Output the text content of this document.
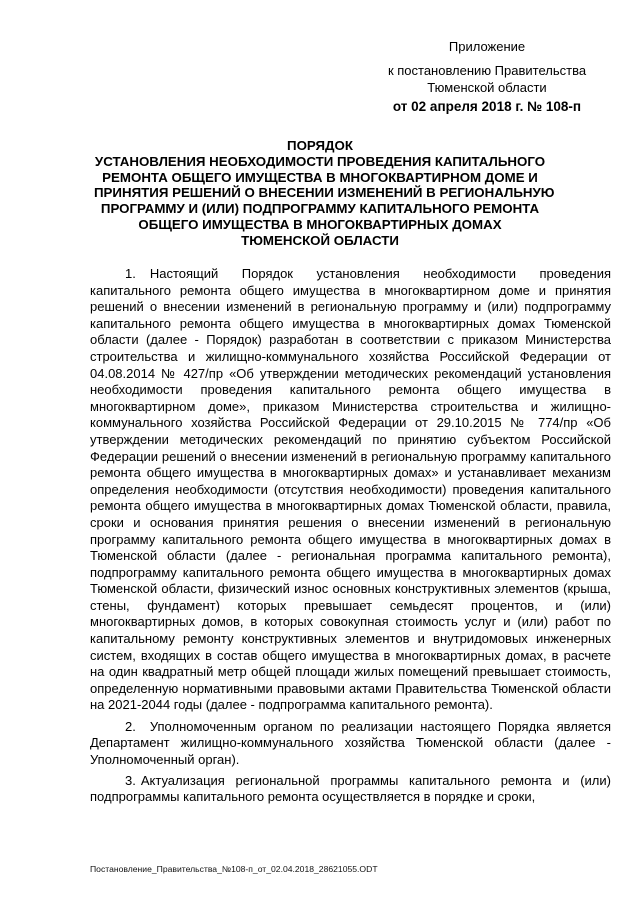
Приложение
к постановлению Правительства Тюменской области
от 02 апреля 2018 г. № 108-п
ПОРЯДОК
УСТАНОВЛЕНИЯ НЕОБХОДИМОСТИ ПРОВЕДЕНИЯ КАПИТАЛЬНОГО
РЕМОНТА ОБЩЕГО ИМУЩЕСТВА В МНОГОКВАРТИРНОМ ДОМЕ И
ПРИНЯТИЯ РЕШЕНИЙ О ВНЕСЕНИИ ИЗМЕНЕНИЙ В РЕГИОНАЛЬНУЮ
ПРОГРАММУ И (ИЛИ) ПОДПРОГРАММУ КАПИТАЛЬНОГО РЕМОНТА
ОБЩЕГО ИМУЩЕСТВА В МНОГОКВАРТИРНЫХ ДОМАХ
ТЮМЕНСКОЙ ОБЛАСТИ

1. Настоящий Порядок установления необходимости проведения капитального ремонта общего имущества в многоквартирном доме и принятия решений о внесении изменений в региональную программу и (или) подпрограмму капитального ремонта общего имущества в многоквартирных домах Тюменской области (далее - Порядок) разработан в соответствии с приказом Министерства строительства и жилищно-коммунального хозяйства Российской Федерации от 04.08.2014 № 427/пр «Об утверждении методических рекомендаций установления необходимости проведения капитального ремонта общего имущества в многоквартирном доме», приказом Министерства строительства и жилищно-коммунального хозяйства Российской Федерации от 29.10.2015 № 774/пр «Об утверждении методических рекомендаций по принятию субъектом Российской Федерации решений о внесении изменений в региональную программу капитального ремонта общего имущества в многоквартирных домах» и устанавливает механизм определения необходимости (отсутствия необходимости) проведения капитального ремонта общего имущества в многоквартирных домах Тюменской области, правила, сроки и основания принятия решения о внесении изменений в региональную программу капитального ремонта общего имущества в многоквартирных домах в Тюменской области (далее - региональная программа капитального ремонта), подпрограмму капитального ремонта общего имущества в многоквартирных домах Тюменской области, физический износ основных конструктивных элементов (крыша, стены, фундамент) которых превышает семьдесят процентов, и (или) многоквартирных домов, в которых совокупная стоимость услуг и (или) работ по капитальному ремонту конструктивных элементов и внутридомовых инженерных систем, входящих в состав общего имущества в многоквартирных домах, в расчете на один квадратный метр общей площади жилых помещений превышает стоимость, определенную нормативными правовыми актами Правительства Тюменской области на 2021-2044 годы (далее - подпрограмма капитального ремонта).

2. Уполномоченным органом по реализации настоящего Порядка является Департамент жилищно-коммунального хозяйства Тюменской области (далее - Уполномоченный орган).

3. Актуализация региональной программы капитального ремонта и (или) подпрограммы капитального ремонта осуществляется в порядке и сроки,

Постановление_Правительства_№108-п_от_02.04.2018_28621055.ODT
